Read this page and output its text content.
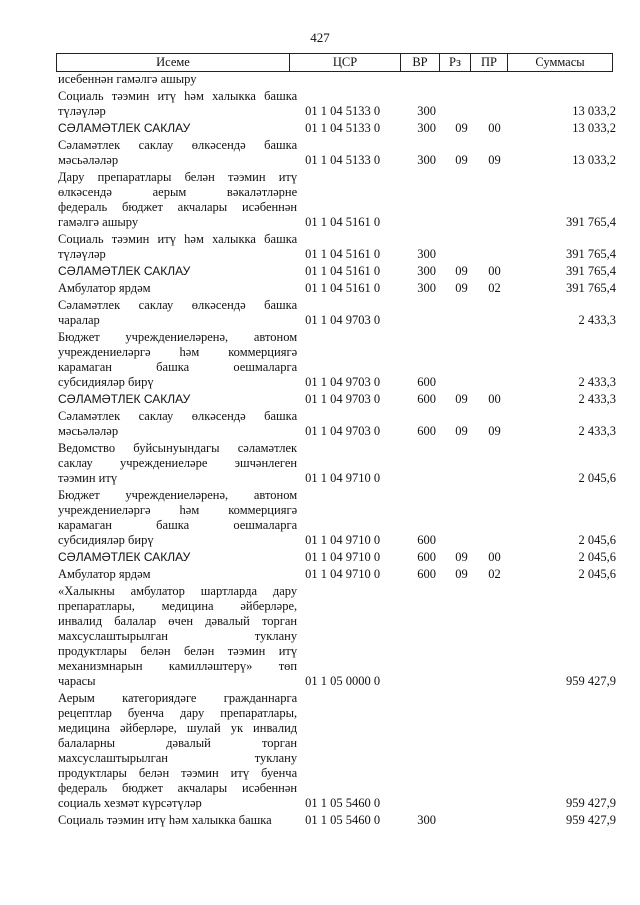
427
Исеме	ЦСР	ВР	Рз	ПР	Суммасы
исебеннән гамәлгә ашыру
Социаль тәэмин итү һәм халыкка башка
түләүләр	01 1 04 5133 0	300	13 033,2
СӘЛАМӘТЛЕК САКЛАУ	01 1 04 5133 0	300	09	00	13 033,2
Сәламәтлек саклау өлкәсендә башка
мәсьәләләр	01 1 04 5133 0	300	09	09	13 033,2
Дару препаратлары белән тәэмин итү
өлкәсендә аерым вәкаләтләрне
федераль бюджет акчалары исәбеннән
гамәлгә ашыру	01 1 04 5161 0	391 765,4
Социаль тәэмин итү һәм халыкка башка
түләүләр	01 1 04 5161 0	300	391 765,4
СӘЛАМӘТЛЕК САКЛАУ	01 1 04 5161 0	300	09	00	391 765,4
Амбулатор ярдәм	01 1 04 5161 0	300	09	02	391 765,4
Сәламәтлек саклау өлкәсендә башка
чаралар	01 1 04 9703 0	2 433,3
Бюджет учреждениеләренә, автоном
учреждениеләргә һәм коммерциягә
карамаган башка оешмаларга
субсидияләр бирү	01 1 04 9703 0	600	2 433,3
СӘЛАМӘТЛЕК САКЛАУ	01 1 04 9703 0	600	09	00	2 433,3
Сәламәтлек саклау өлкәсендә башка
мәсьәләләр	01 1 04 9703 0	600	09	09	2 433,3
Ведомство буйсынуындагы сәламәтлек
саклау учреждениеләре эшчәнлеген
тәэмин итү	01 1 04 9710 0	2 045,6
Бюджет учреждениеләренә, автоном
учреждениеләргә һәм коммерциягә
карамаган башка оешмаларга
субсидияләр бирү	01 1 04 9710 0	600	2 045,6
СӘЛАМӘТЛЕК САКЛАУ	01 1 04 9710 0	600	09	00	2 045,6
Амбулатор ярдәм	01 1 04 9710 0	600	09	02	2 045,6
«Халыкны амбулатор шартларда дару
препаратлары, медицина әйберләре,
инвалид балалар өчен дәвалый торган
махсуслаштырылган туклану
продуктлары белән белән тәэмин итү
механизмнарын камилләштерү» төп
чарасы	01 1 05 0000 0	959 427,9
Аерым категориядәге гражданнарга
рецептлар буенча дару препаратлары,
медицина әйберләре, шулай ук инвалид
балаларны дәвалый торган
махсуслаштырылган туклану
продуктлары белән тәэмин итү буенча
федераль бюджет акчалары исәбеннән
социаль хезмәт күрсәтүләр	01 1 05 5460 0	959 427,9
Социаль тәэмин итү һәм халыкка башка	01 1 05 5460 0	300	959 427,9
